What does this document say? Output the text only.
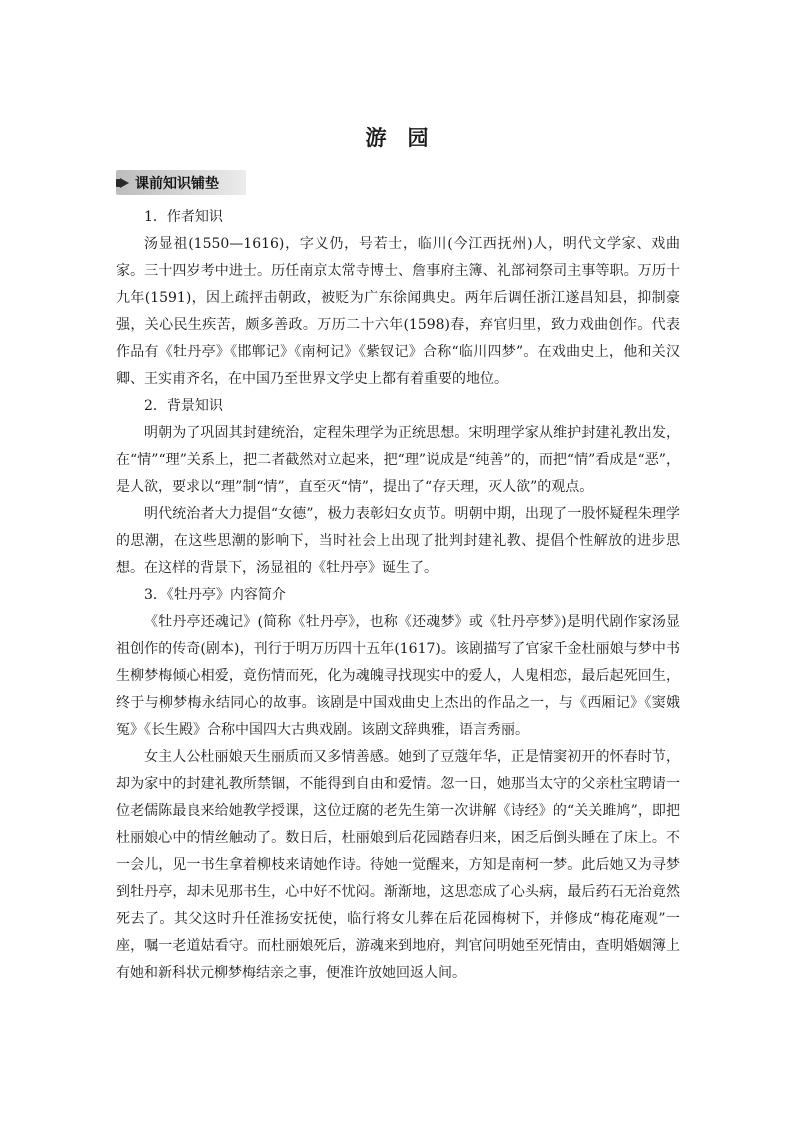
游　园
课前知识铺垫

1．作者知识

汤显祖(1550—1616)，字义仍，号若士，临川(今江西抚州)人，明代文学家、戏曲家。三十四岁考中进士。历任南京太常寺博士、詹事府主簿、礼部祠祭司主事等职。万历十九年(1591)，因上疏抨击朝政，被贬为广东徐闻典史。两年后调任浙江遂昌知县，抑制豪强，关心民生疾苦，颇多善政。万历二十六年(1598)春，弃官归里，致力戏曲创作。代表作品有《牡丹亭》《邯郸记》《南柯记》《紫钗记》合称“临川四梦”。在戏曲史上，他和关汉卿、王实甫齐名，在中国乃至世界文学史上都有着重要的地位。

2．背景知识

明朝为了巩固其封建统治，定程朱理学为正统思想。宋明理学家从维护封建礼教出发，在“情”“理”关系上，把二者截然对立起来，把“理”说成是“纯善”的，而把“情”看成是“恶”，是人欲，要求以“理”制“情”，直至灭“情”，提出了“存天理，灭人欲”的观点。

明代统治者大力提倡“女德”，极力表彰妇女贞节。明朝中期，出现了一股怀疑程朱理学的思潮，在这些思潮的影响下，当时社会上出现了批判封建礼教、提倡个性解放的进步思想。在这样的背景下，汤显祖的《牡丹亭》诞生了。

3．《牡丹亭》内容简介

《牡丹亭还魂记》(简称《牡丹亭》，也称《还魂梦》或《牡丹亭梦》)是明代剧作家汤显祖创作的传奇(剧本)，刊行于明万历四十五年(1617)。该剧描写了官家千金杜丽娘与梦中书生柳梦梅倾心相爱，竟伤情而死，化为魂魄寻找现实中的爱人，人鬼相恋，最后起死回生，终于与柳梦梅永结同心的故事。该剧是中国戏曲史上杰出的作品之一，与《西厢记》《窦娥冤》《长生殿》合称中国四大古典戏剧。该剧文辞典雅，语言秀丽。

女主人公杜丽娘天生丽质而又多情善感。她到了豆蔻年华，正是情窦初开的怀春时节，却为家中的封建礼教所禁锢，不能得到自由和爱情。忽一日，她那当太守的父亲杜宝聘请一位老儒陈最良来给她教学授课，这位迂腐的老先生第一次讲解《诗经》的“关关雎鸠”，即把杜丽娘心中的情丝触动了。数日后，杜丽娘到后花园踏春归来，困乏后倒头睡在了床上。不一会儿，见一书生拿着柳枝来请她作诗。待她一觉醒来，方知是南柯一梦。此后她又为寻梦到牡丹亭，却未见那书生，心中好不忧闷。渐渐地，这思恋成了心头病，最后药石无治竟然死去了。其父这时升任淮扬安抚使，临行将女儿葬在后花园梅树下，并修成“梅花庵观”一座，嘱一老道姑看守。而杜丽娘死后，游魂来到地府，判官问明她至死情由，查明婚姻簿上有她和新科状元柳梦梅结亲之事，便准许放她回返人间。
